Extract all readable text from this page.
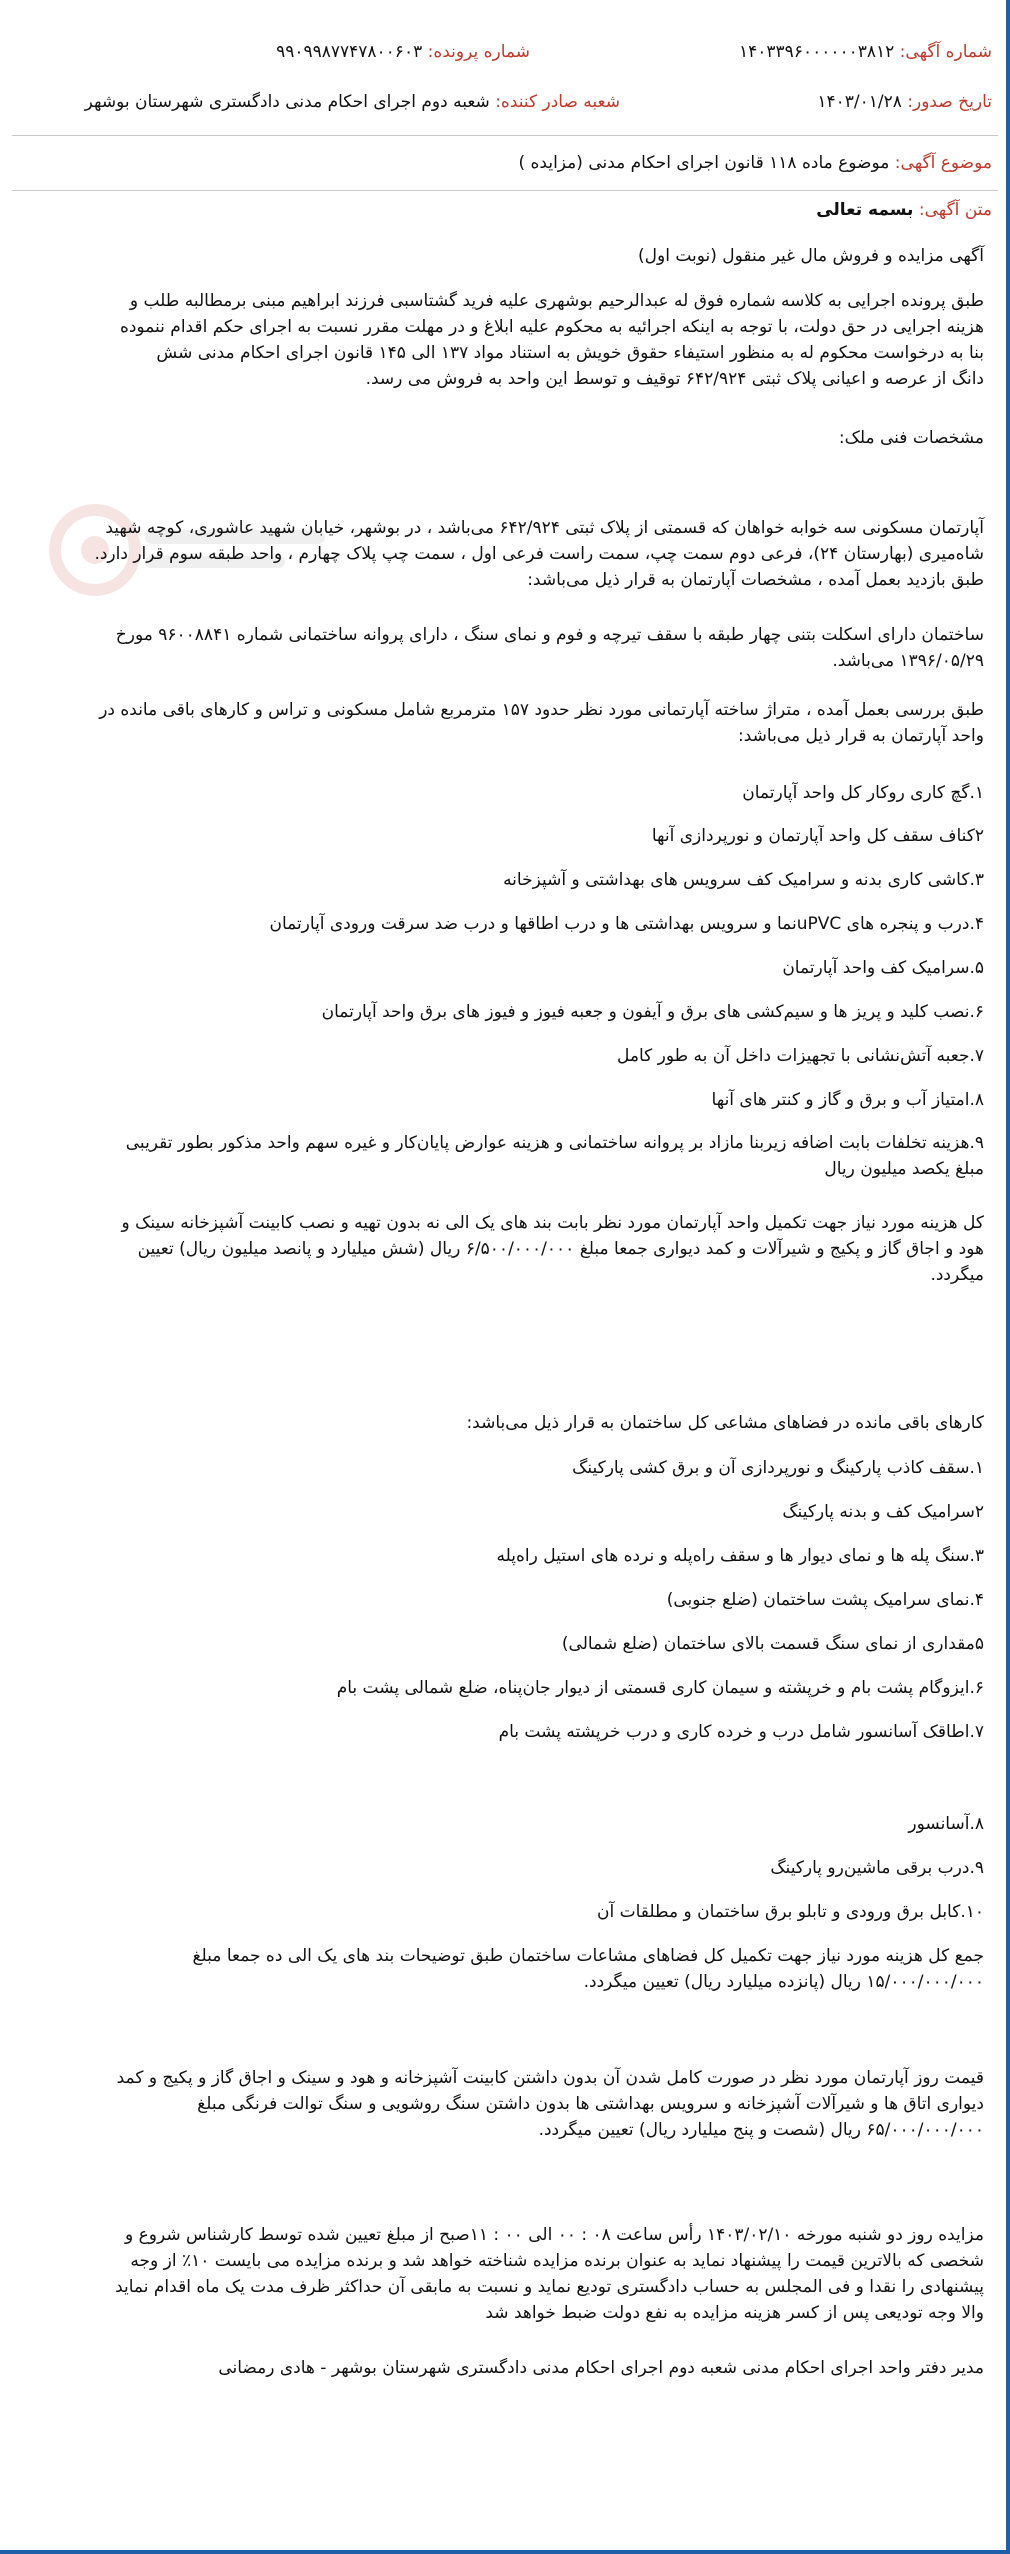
شماره آگهی: ۱۴۰۳۳۹۶۰۰۰۰۰۰۳۸۱۲
شماره پرونده: ۹۹۰۹۹۸۷۷۴۷۸۰۰۶۰۳
تاریخ صدور: ۱۴۰۳/۰۱/۲۸
شعبه صادر کننده: شعبه دوم اجرای احکام مدنی دادگستری شهرستان بوشهر
موضوع آگهی: موضوع ماده ۱۱۸ قانون اجرای احکام مدنی (مزایده )
متن آگهی: بسمه تعالی
آگهی مزایده و فروش مال غیر منقول (نوبت اول)
طبق پرونده اجرایی به کلاسه شماره فوق له عبدالرحیم بوشهری علیه فرید گشتاسبی فرزند ابراهیم مبنی برمطالبه طلب و
هزینه اجرایی در حق دولت، با توجه به اینکه اجرائیه به محکوم علیه ابلاغ و در مهلت مقرر نسبت به اجرای حکم اقدام ننموده
بنا به درخواست محکوم له به منظور استیفاء حقوق خویش به استناد مواد ۱۳۷ الی ۱۴۵ قانون اجرای احکام مدنی شش
دانگ از عرصه و اعیانی پلاک ثبتی ۶۴۲/۹۲۴ توقیف و توسط این واحد به فروش می رسد.
مشخصات فنی ملک:
آپارتمان مسکونی سه خوابه خواهان که قسمتی از پلاک ثبتی ۶۴۲/۹۲۴ می‌باشد ، در بوشهر، خیابان شهید عاشوری، کوچه شهید
شاه‌میری (بهارستان ۲۴)، فرعی دوم سمت چپ، سمت راست فرعی اول ، سمت چپ پلاک چهارم ، واحد طبقه سوم قرار دارد.
طبق بازدید بعمل آمده ، مشخصات آپارتمان به قرار ذیل می‌باشد:
ساختمان دارای اسکلت بتنی چهار طبقه با سقف تیرچه و فوم و نمای سنگ ، دارای پروانه ساختمانی شماره ۹۶۰۰۸۸۴۱ مورخ
۱۳۹۶/۰۵/۲۹ می‌باشد.
طبق بررسی بعمل آمده ، متراژ ساخته آپارتمانی مورد نظر حدود ۱۵۷ مترمربع شامل مسکونی و تراس و کارهای باقی مانده در
واحد آپارتمان به قرار ذیل می‌باشد:
۱.گچ کاری روکار کل واحد آپارتمان
۲کناف سقف کل واحد آپارتمان و نورپردازی آنها
۳.کاشی کاری بدنه و سرامیک کف سرویس های بهداشتی و آشپزخانه
۴.درب و پنجره های uPVCنما و سرویس بهداشتی ها و درب اطاقها و درب ضد سرقت ورودی آپارتمان
۵.سرامیک کف واحد آپارتمان
۶.نصب کلید و پریز ها و سیم‌کشی های برق و آیفون و جعبه فیوز و فیوز های برق واحد آپارتمان
۷.جعبه آتش‌نشانی با تجهیزات داخل آن به طور کامل
۸.امتیاز آب و برق و گاز و کنتر های آنها
۹.هزینه تخلفات بابت اضافه زیربنا مازاد بر پروانه ساختمانی و هزینه عوارض پایان‌کار و غیره سهم واحد مذکور بطور تقریبی
مبلغ یکصد میلیون ریال
کل هزینه مورد نیاز جهت تکمیل واحد آپارتمان مورد نظر بابت بند های یک الی نه بدون تهیه و نصب کابینت آشپزخانه سینک و
هود و اجاق گاز و پکیج و شیرآلات و کمد دیواری جمعا مبلغ ۶/۵۰۰/۰۰۰/۰۰۰ ریال (شش میلیارد و پانصد میلیون ریال) تعیین
میگردد.
کارهای باقی مانده در فضاهای مشاعی کل ساختمان به قرار ذیل می‌باشد:
۱.سقف کاذب پارکینگ و نورپردازی آن و برق کشی پارکینگ
۲سرامیک کف و بدنه پارکینگ
۳.سنگ پله ها و نمای دیوار ها و سقف راه‌پله و نرده های استیل راه‌پله
۴.نمای سرامیک پشت ساختمان (ضلع جنوبی)
۵مقداری از نمای سنگ قسمت بالای ساختمان (ضلع شمالی)
۶.ایزوگام پشت بام و خرپشته و سیمان کاری قسمتی از دیوار جان‌پناه، ضلع شمالی پشت بام
۷.اطاقک آسانسور شامل درب و خرده کاری و درب خرپشته پشت بام
۸.آسانسور
۹.درب برقی ماشین‌رو پارکینگ
۱۰.کابل برق ورودی و تابلو برق ساختمان و مطلقات آن
جمع کل هزینه مورد نیاز جهت تکمیل کل فضاهای مشاعات ساختمان طبق توضیحات بند های یک الی ده جمعا مبلغ
۱۵/۰۰۰/۰۰۰/۰۰۰ ریال (پانزده میلیارد ریال) تعیین میگردد.
قیمت روز آپارتمان مورد نظر در صورت کامل شدن آن بدون داشتن کابینت آشپزخانه و هود و سینک و اجاق گاز و پکیج و کمد
دیواری اتاق ها و شیرآلات آشپزخانه و سرویس بهداشتی ها بدون داشتن سنگ روشویی و سنگ توالت فرنگی مبلغ
۶۵/۰۰۰/۰۰۰/۰۰۰ ریال (شصت و پنج میلیارد ریال) تعیین میگردد.
مزایده روز دو شنبه مورخه ۱۴۰۳/۰۲/۱۰ رأس ساعت ۰۸ : ۰۰ الی ۰۰ : ۱۱صبح از مبلغ تعیین شده توسط کارشناس شروع و
شخصی که بالاترین قیمت را پیشنهاد نماید به عنوان برنده مزایده شناخته خواهد شد و برنده مزایده می بایست ۱۰٪ از وجه
پیشنهادی را نقدا و فی المجلس به حساب دادگستری تودیع نماید و نسبت به مابقی آن حداکثر ظرف مدت یک ماه اقدام نماید
والا وجه تودیعی پس از کسر هزینه مزایده به نفع دولت ضبط خواهد شد
مدیر دفتر واحد اجرای احکام مدنی شعبه دوم اجرای احکام مدنی دادگستری شهرستان بوشهر - هادی رمضانی
